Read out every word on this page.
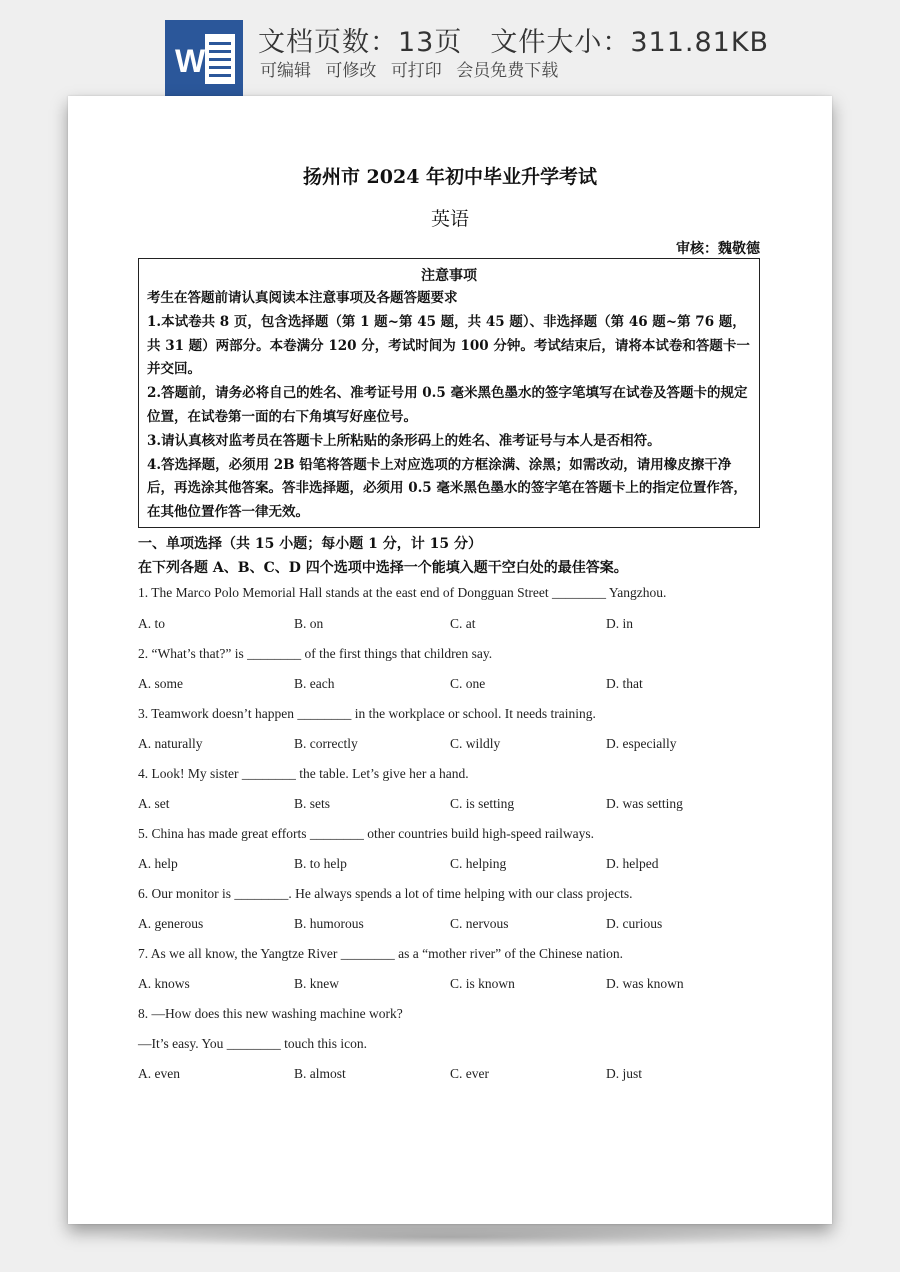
W
文档页数：13页 文件大小：311.81KB
可编辑 可修改 可打印 会员免费下载
扬州市 2024 年初中毕业升学考试
英语
审核：魏敬德
注意事项

考生在答题前请认真阅读本注意事项及各题答题要求

1.本试卷共 8 页，包含选择题（第 1 题~第 45 题，共 45 题）、非选择题（第 46 题~第 76 题，共 31 题）两部分。本卷满分 120 分，考试时间为 100 分钟。考试结束后，请将本试卷和答题卡一并交回。

2.答题前，请务必将自己的姓名、准考证号用 0.5 毫米黑色墨水的签字笔填写在试卷及答题卡的规定位置，在试卷第一面的右下角填写好座位号。

3.请认真核对监考员在答题卡上所粘贴的条形码上的姓名、准考证号与本人是否相符。

4.答选择题，必须用 2B 铅笔将答题卡上对应选项的方框涂满、涂黑；如需改动，请用橡皮擦干净后，再选涂其他答案。答非选择题，必须用 0.5 毫米黑色墨水的签字笔在答题卡上的指定位置作答，在其他位置作答一律无效。

一、单项选择（共 15 小题；每小题 1 分，计 15 分）
在下列各题 A、B、C、D 四个选项中选择一个能填入题干空白处的最佳答案。
1. The Marco Polo Memorial Hall stands at the east end of Dongguan Street ________ Yangzhou.
A. to	B. on	C. at	D. in
2. “What’s that?” is ________ of the first things that children say.
A. some	B. each	C. one	D. that
3. Teamwork doesn’t happen ________ in the workplace or school. It needs training.
A. naturally	B. correctly	C. wildly	D. especially
4. Look! My sister ________ the table. Let’s give her a hand.
A. set	B. sets	C. is setting	D. was setting
5. China has made great efforts ________ other countries build high-speed railways.
A. help	B. to help	C. helping	D. helped
6. Our monitor is ________. He always spends a lot of time helping with our class projects.
A. generous	B. humorous	C. nervous	D. curious
7. As we all know, the Yangtze River ________ as a “mother river” of the Chinese nation.
A. knows	B. knew	C. is known	D. was known
8. —How does this new washing machine work?
—It’s easy. You ________ touch this icon.
A. even	B. almost	C. ever	D. just
